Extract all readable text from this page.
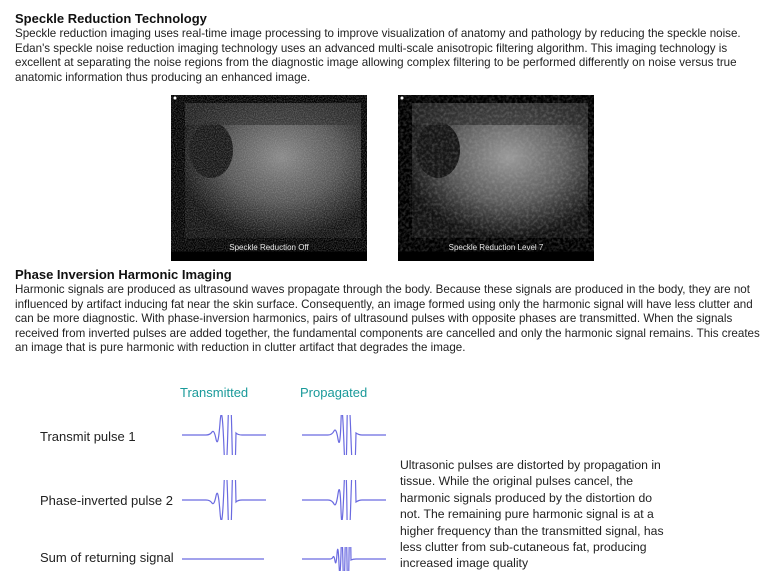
Speckle Reduction Technology

Speckle reduction imaging uses real-time image processing to improve visualization of anatomy and pathology by reducing the speckle noise. Edan's speckle noise reduction imaging technology uses an advanced multi-scale anisotropic filtering algorithm. This imaging technology is excellent at separating the noise regions from the diagnostic image allowing complex filtering to be performed differently on noise versus true anatomic information thus producing an enhanced image.

Speckle Reduction Off	Speckle Reduction Level 7
Phase Inversion Harmonic Imaging

Harmonic signals are produced as ultrasound waves propagate through the body. Because these signals are produced in the body, they are not influenced by artifact inducing fat near the skin surface. Consequently, an image formed using only the harmonic signal will have less clutter and can be more diagnostic. With phase-inversion harmonics, pairs of ultrasound pulses with opposite phases are transmitted. When the signals received from inverted pulses are added together, the fundamental components are cancelled and only the harmonic signal remains. This creates an image that is pure harmonic with reduction in clutter artifact that degrades the image.

Transmitted	Propagated
Transmit pulse 1
Phase-inverted pulse 2
Sum of returning signal

Ultrasonic pulses are distorted by propagation in tissue. While the original pulses cancel, the harmonic signals produced by the distortion do not. The remaining pure harmonic signal is at a higher frequency than the transmitted signal, has less clutter from sub-cutaneous fat, producing increased image quality
